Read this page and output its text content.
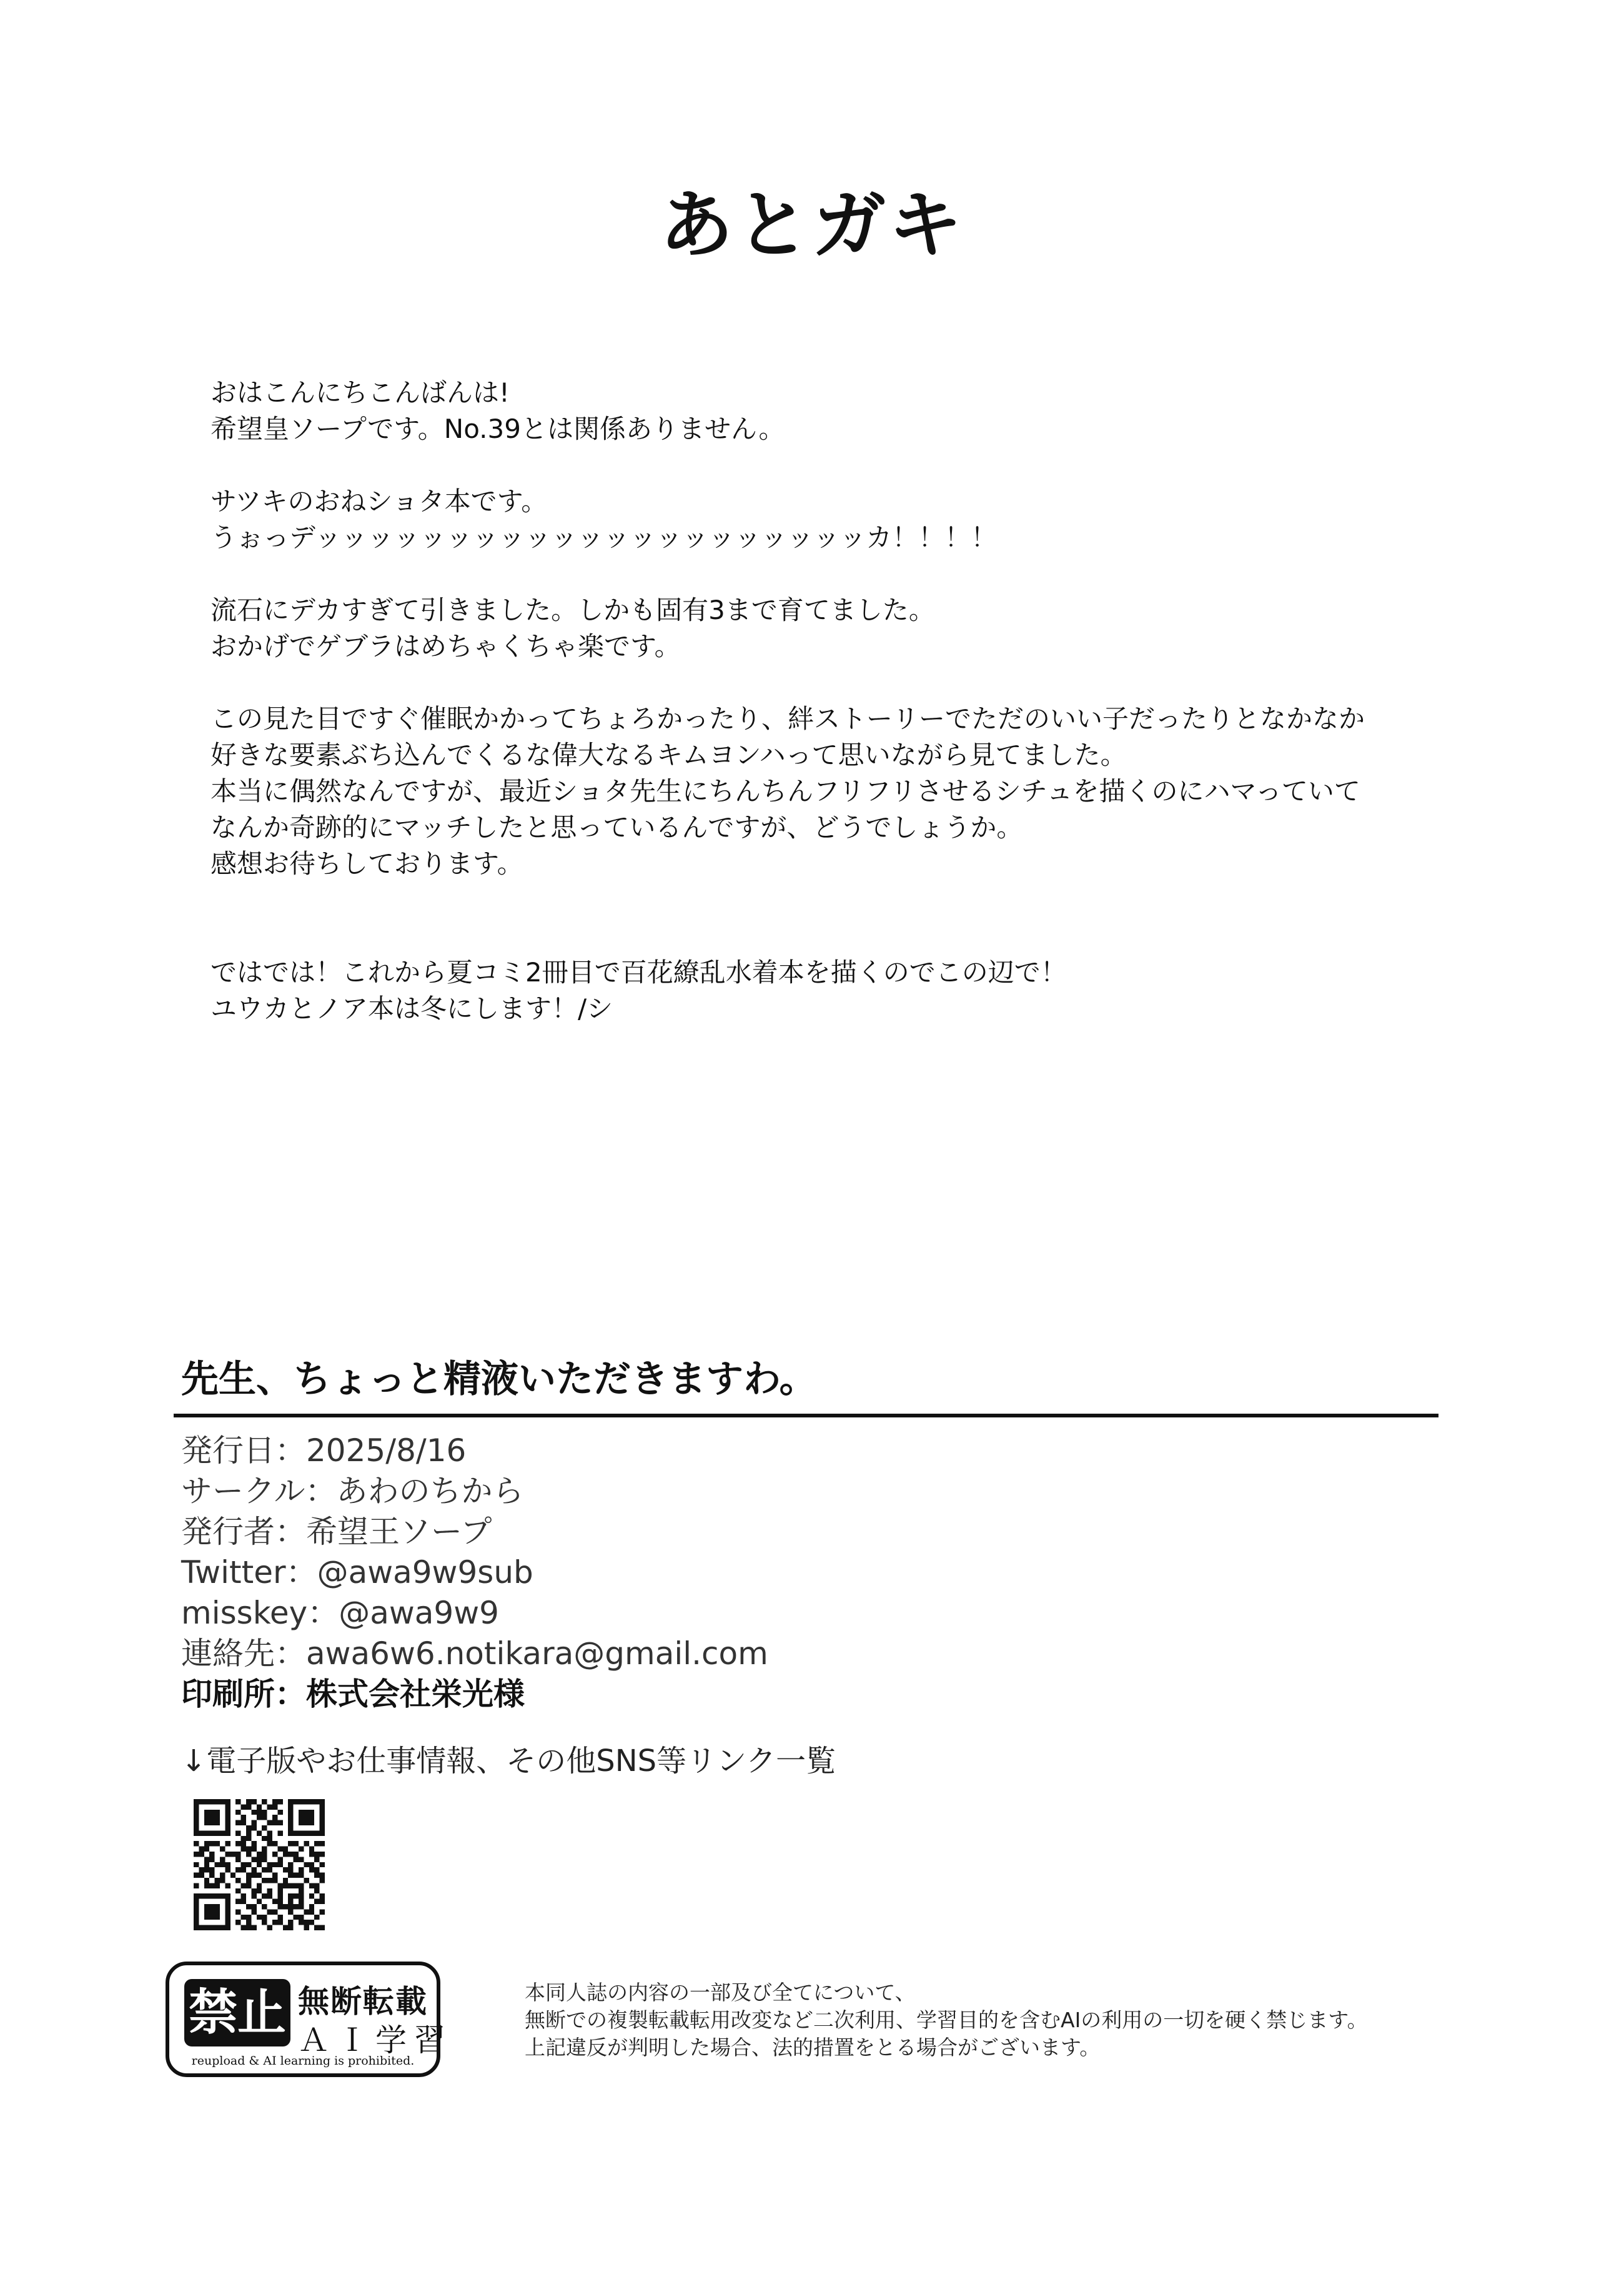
あとガキ

おはこんにちこんばんは!
希望皇ソープです。No.39とは関係ありません。

サツキのおねショタ本です。
うぉっデッッッッッッッッッッッッッッッッッッッッッカ！！！！

流石にデカすぎて引きました。しかも固有3まで育てました。
おかげでゲブラはめちゃくちゃ楽です。

この見た目ですぐ催眠かかってちょろかったり、絆ストーリーでただのいい子だったりとなかなか
好きな要素ぶち込んでくるな偉大なるキムヨンハって思いながら見てました。
本当に偶然なんですが、最近ショタ先生にちんちんフリフリさせるシチュを描くのにハマっていて
なんか奇跡的にマッチしたと思っているんですが、どうでしょうか。
感想お待ちしております。

ではでは！これから夏コミ2冊目で百花繚乱水着本を描くのでこの辺で！
ユウカとノア本は冬にします！/シ

先生、ちょっと精液いただきますわ。
発行日：2025/8/16
サークル：あわのちから
発行者：希望王ソープ
Twitter：@awa9w9sub
misskey：@awa9w9
連絡先：awa6w6.notikara@gmail.com
印刷所：株式会社栄光様
↓電子版やお仕事情報、その他SNS等リンク一覧
禁止 無断転載
ＡＩ学習
reupload & AI learning is prohibited.
本同人誌の内容の一部及び全てについて、
無断での複製転載転用改変など二次利用、学習目的を含むAIの利用の一切を硬く禁じます。
上記違反が判明した場合、法的措置をとる場合がございます。
